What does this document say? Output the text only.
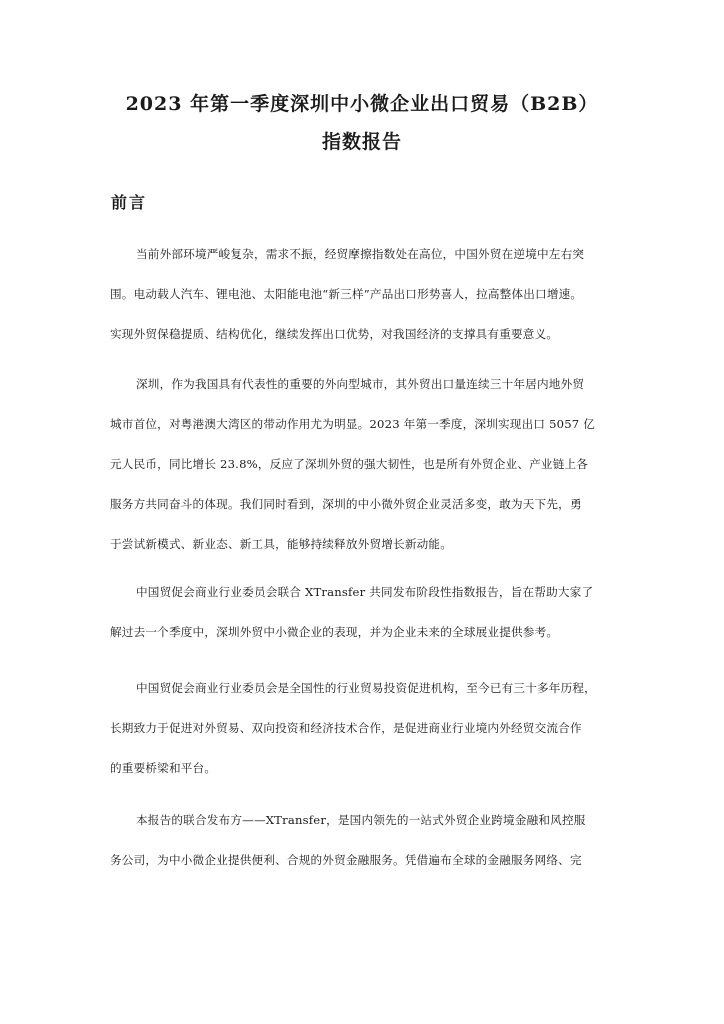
2023 年第一季度深圳中小微企业出口贸易（B2B）
指数报告
前言
当前外部环境严峻复杂，需求不振，经贸摩擦指数处在高位，中国外贸在逆境中左右突
围。电动载人汽车、锂电池、太阳能电池“新三样”产品出口形势喜人，拉高整体出口增速。
实现外贸保稳提质、结构优化，继续发挥出口优势，对我国经济的支撑具有重要意义。
深圳，作为我国具有代表性的重要的外向型城市，其外贸出口量连续三十年居内地外贸
城市首位，对粤港澳大湾区的带动作用尤为明显。2023 年第一季度，深圳实现出口 5057 亿
元人民币，同比增长 23.8%，反应了深圳外贸的强大韧性，也是所有外贸企业、产业链上各
服务方共同奋斗的体现。我们同时看到，深圳的中小微外贸企业灵活多变，敢为天下先，勇
于尝试新模式、新业态、新工具，能够持续释放外贸增长新动能。
中国贸促会商业行业委员会联合 XTransfer 共同发布阶段性指数报告，旨在帮助大家了
解过去一个季度中，深圳外贸中小微企业的表现，并为企业未来的全球展业提供参考。
中国贸促会商业行业委员会是全国性的行业贸易投资促进机构，至今已有三十多年历程，
长期致力于促进对外贸易、双向投资和经济技术合作，是促进商业行业境内外经贸交流合作
的重要桥梁和平台。
本报告的联合发布方——XTransfer，是国内领先的一站式外贸企业跨境金融和风控服
务公司，为中小微企业提供便利、合规的外贸金融服务。凭借遍布全球的金融服务网络、完
